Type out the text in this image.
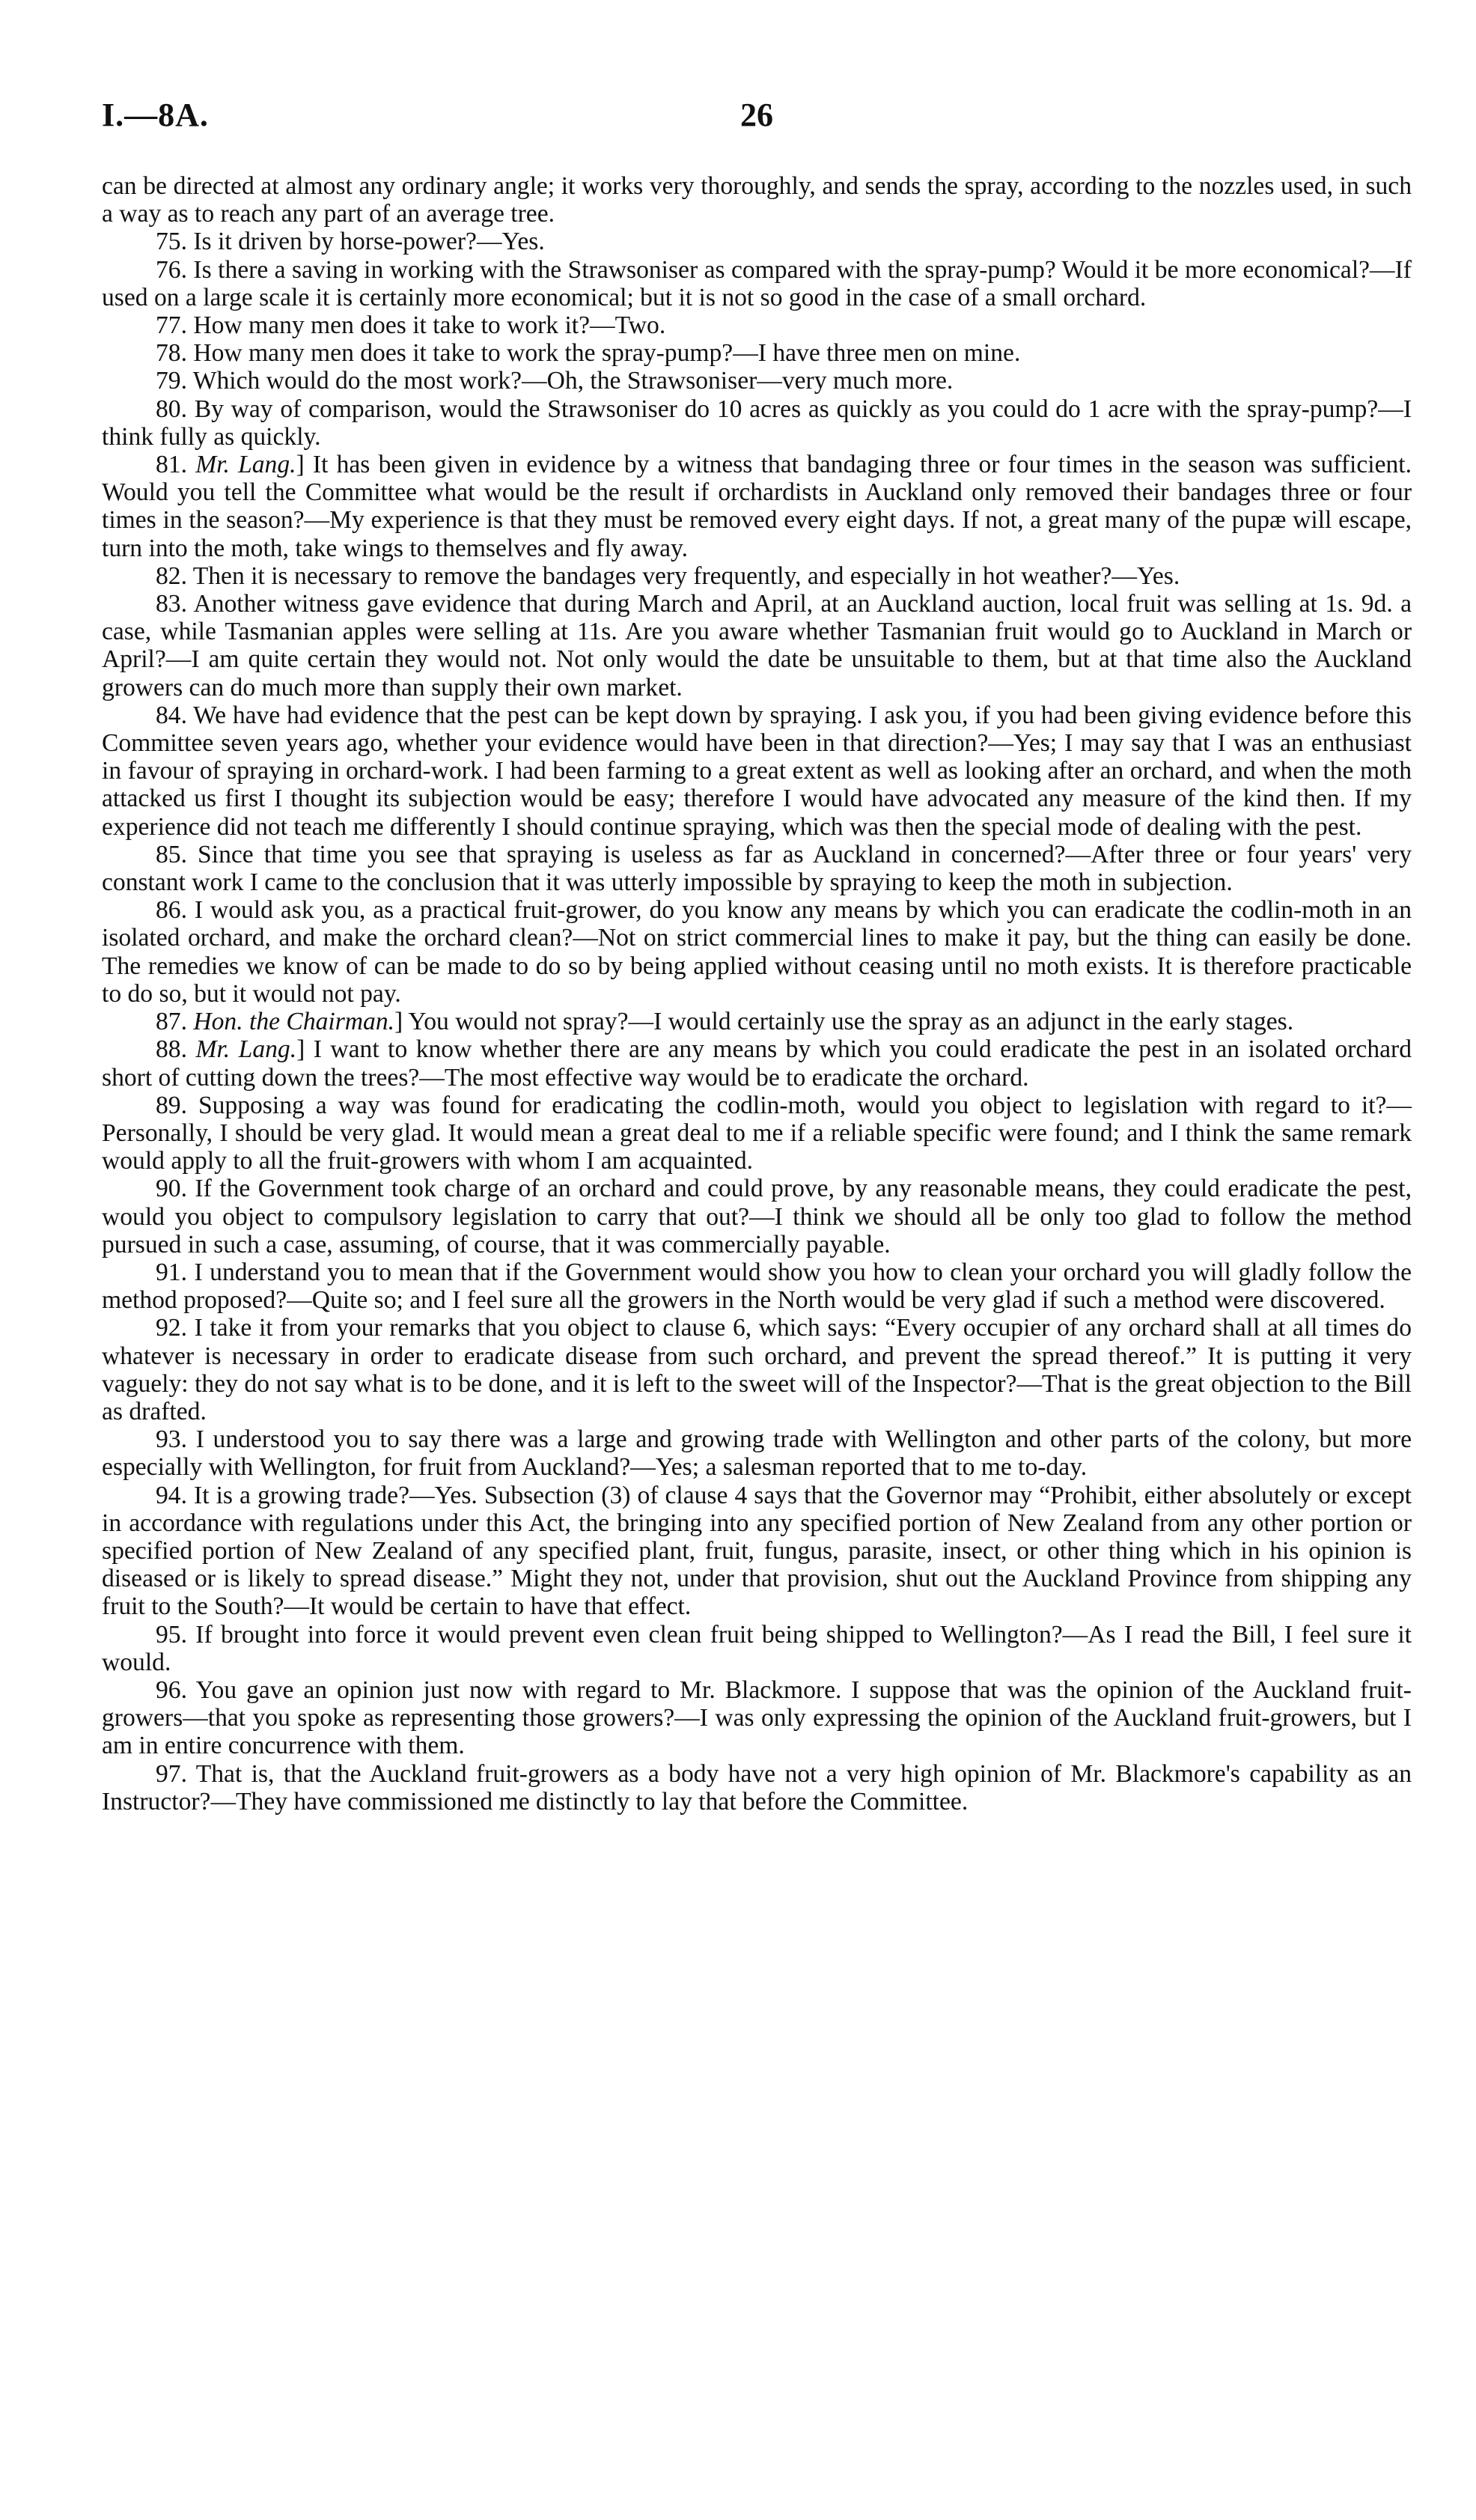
I.—8A.	26

can be directed at almost any ordinary angle; it works very thoroughly, and sends the spray, according to the nozzles used, in such a way as to reach any part of an average tree.

75. Is it driven by horse-power?—Yes.

76. Is there a saving in working with the Strawsoniser as compared with the spray-pump? Would it be more economical?—If used on a large scale it is certainly more economical; but it is not so good in the case of a small orchard.

77. How many men does it take to work it?—Two.

78. How many men does it take to work the spray-pump?—I have three men on mine.

79. Which would do the most work?—Oh, the Strawsoniser—very much more.

80. By way of comparison, would the Strawsoniser do 10 acres as quickly as you could do 1 acre with the spray-pump?—I think fully as quickly.

81. Mr. Lang.] It has been given in evidence by a witness that bandaging three or four times in the season was sufficient. Would you tell the Committee what would be the result if orchardists in Auckland only removed their bandages three or four times in the season?—My experience is that they must be removed every eight days. If not, a great many of the pupæ will escape, turn into the moth, take wings to themselves and fly away.

82. Then it is necessary to remove the bandages very frequently, and especially in hot weather?—Yes.

83. Another witness gave evidence that during March and April, at an Auckland auction, local fruit was selling at 1s. 9d. a case, while Tasmanian apples were selling at 11s. Are you aware whether Tasmanian fruit would go to Auckland in March or April?—I am quite certain they would not. Not only would the date be unsuitable to them, but at that time also the Auckland growers can do much more than supply their own market.

84. We have had evidence that the pest can be kept down by spraying. I ask you, if you had been giving evidence before this Committee seven years ago, whether your evidence would have been in that direction?—Yes; I may say that I was an enthusiast in favour of spraying in orchard-work. I had been farming to a great extent as well as looking after an orchard, and when the moth attacked us first I thought its subjection would be easy; therefore I would have advocated any measure of the kind then. If my experience did not teach me differently I should continue spraying, which was then the special mode of dealing with the pest.

85. Since that time you see that spraying is useless as far as Auckland in concerned?—After three or four years' very constant work I came to the conclusion that it was utterly impossible by spraying to keep the moth in subjection.

86. I would ask you, as a practical fruit-grower, do you know any means by which you can eradicate the codlin-moth in an isolated orchard, and make the orchard clean?—Not on strict commercial lines to make it pay, but the thing can easily be done. The remedies we know of can be made to do so by being applied without ceasing until no moth exists. It is therefore practicable to do so, but it would not pay.

87. Hon. the Chairman.] You would not spray?—I would certainly use the spray as an adjunct in the early stages.

88. Mr. Lang.] I want to know whether there are any means by which you could eradicate the pest in an isolated orchard short of cutting down the trees?—The most effective way would be to eradicate the orchard.

89. Supposing a way was found for eradicating the codlin-moth, would you object to legislation with regard to it?—Personally, I should be very glad. It would mean a great deal to me if a reliable specific were found; and I think the same remark would apply to all the fruit-growers with whom I am acquainted.

90. If the Government took charge of an orchard and could prove, by any reasonable means, they could eradicate the pest, would you object to compulsory legislation to carry that out?—I think we should all be only too glad to follow the method pursued in such a case, assuming, of course, that it was commercially payable.

91. I understand you to mean that if the Government would show you how to clean your orchard you will gladly follow the method proposed?—Quite so; and I feel sure all the growers in the North would be very glad if such a method were discovered.

92. I take it from your remarks that you object to clause 6, which says: “Every occupier of any orchard shall at all times do whatever is necessary in order to eradicate disease from such orchard, and prevent the spread thereof.” It is putting it very vaguely: they do not say what is to be done, and it is left to the sweet will of the Inspector?—That is the great objection to the Bill as drafted.

93. I understood you to say there was a large and growing trade with Wellington and other parts of the colony, but more especially with Wellington, for fruit from Auckland?—Yes; a salesman reported that to me to-day.

94. It is a growing trade?—Yes. Subsection (3) of clause 4 says that the Governor may “Prohibit, either absolutely or except in accordance with regulations under this Act, the bringing into any specified portion of New Zealand from any other portion or specified portion of New Zealand of any specified plant, fruit, fungus, parasite, insect, or other thing which in his opinion is diseased or is likely to spread disease.” Might they not, under that provision, shut out the Auckland Province from shipping any fruit to the South?—It would be certain to have that effect.

95. If brought into force it would prevent even clean fruit being shipped to Wellington?—As I read the Bill, I feel sure it would.

96. You gave an opinion just now with regard to Mr. Blackmore. I suppose that was the opinion of the Auckland fruit-growers—that you spoke as representing those growers?—I was only expressing the opinion of the Auckland fruit-growers, but I am in entire concurrence with them.

97. That is, that the Auckland fruit-growers as a body have not a very high opinion of Mr. Blackmore's capability as an Instructor?—They have commissioned me distinctly to lay that before the Committee.
